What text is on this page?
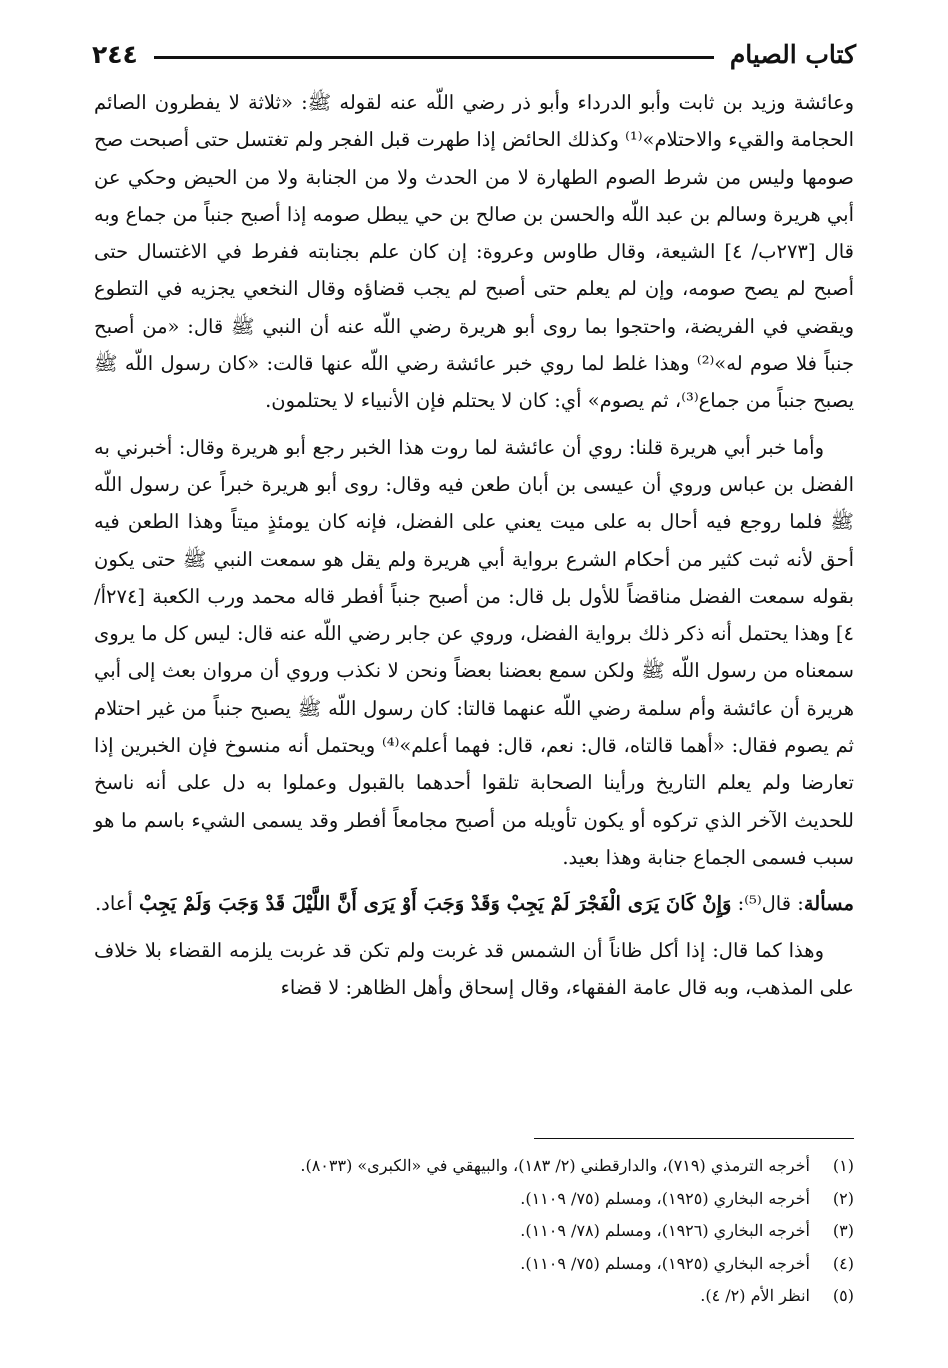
كتاب الصيام
٢٤٤

وعائشة وزيد بن ثابت وأبو الدرداء وأبو ذر رضي اللّه عنه لقوله ﷺ: «ثلاثة لا يفطرون الصائم الحجامة والقيء والاحتلام»⁽¹⁾ وكذلك الحائض إذا طهرت قبل الفجر ولم تغتسل حتى أصبحت صح صومها وليس من شرط الصوم الطهارة لا من الحدث ولا من الجنابة ولا من الحيض وحكي عن أبي هريرة وسالم بن عبد اللّه والحسن بن صالح بن حي يبطل صومه إذا أصبح جنباً من جماع وبه قال [٢٧٣ب/ ٤] الشيعة، وقال طاوس وعروة: إن كان علم بجنابته ففرط في الاغتسال حتى أصبح لم يصح صومه، وإن لم يعلم حتى أصبح لم يجب قضاؤه وقال النخعي يجزيه في التطوع ويقضي في الفريضة، واحتجوا بما روى أبو هريرة رضي اللّه عنه أن النبي ﷺ قال: «من أصبح جنباً فلا صوم له»⁽²⁾ وهذا غلط لما روي خبر عائشة رضي اللّه عنها قالت: «كان رسول اللّه ﷺ يصبح جنباً من جماع⁽³⁾، ثم يصوم» أي: كان لا يحتلم فإن الأنبياء لا يحتلمون.

وأما خبر أبي هريرة قلنا: روي أن عائشة لما روت هذا الخبر رجع أبو هريرة وقال: أخبرني به الفضل بن عباس وروي أن عيسى بن أبان طعن فيه وقال: روى أبو هريرة خبراً عن رسول اللّه ﷺ فلما روجع فيه أحال به على ميت يعني على الفضل، فإنه كان يومئذٍ ميتاً وهذا الطعن فيه أحق لأنه ثبت كثير من أحكام الشرع برواية أبي هريرة ولم يقل هو سمعت النبي ﷺ حتى يكون بقوله سمعت الفضل مناقضاً للأول بل قال: من أصبح جنباً أفطر قاله محمد ورب الكعبة [٢٧٤أ/ ٤] وهذا يحتمل أنه ذكر ذلك برواية الفضل، وروي عن جابر رضي اللّه عنه قال: ليس كل ما يروى سمعناه من رسول اللّه ﷺ ولكن سمع بعضنا بعضاً ونحن لا نكذب وروي أن مروان بعث إلى أبي هريرة أن عائشة وأم سلمة رضي اللّه عنهما قالتا: كان رسول اللّه ﷺ يصبح جنباً من غير احتلام ثم يصوم فقال: «أهما قالتاه، قال: نعم، قال: فهما أعلم»⁽⁴⁾ ويحتمل أنه منسوخ فإن الخبرين إذا تعارضا ولم يعلم التاريخ ورأينا الصحابة تلقوا أحدهما بالقبول وعملوا به دل على أنه ناسخ للحديث الآخر الذي تركوه أو يكون تأويله من أصبح مجامعاً أفطر وقد يسمى الشيء باسم ما هو سبب فسمى الجماع جنابة وهذا بعيد.

مسألة: قال⁽⁵⁾: وَإِنْ كَانَ يَرَى الْفَجْرَ لَمْ يَجِبْ وَقَدْ وَجَبَ أَوْ يَرَى أَنَّ اللَّيْلَ قَدْ وَجَبَ وَلَمْ يَجِبْ أعاد.

وهذا كما قال: إذا أكل ظاناً أن الشمس قد غربت ولم تكن قد غربت يلزمه القضاء بلا خلاف على المذهب، وبه قال عامة الفقهاء، وقال إسحاق وأهل الظاهر: لا قضاء

(١)
أخرجه الترمذي (٧١٩)، والدارقطني (٢/ ١٨٣)، والبيهقي في «الكبرى» (٨٠٣٣).
(٢)
أخرجه البخاري (١٩٢٥)، ومسلم (٧٥/ ١١٠٩).
(٣)
أخرجه البخاري (١٩٢٦)، ومسلم (٧٨/ ١١٠٩).
(٤)
أخرجه البخاري (١٩٢٥)، ومسلم (٧٥/ ١١٠٩).
(٥)
انظر الأم (٢/ ٤).
